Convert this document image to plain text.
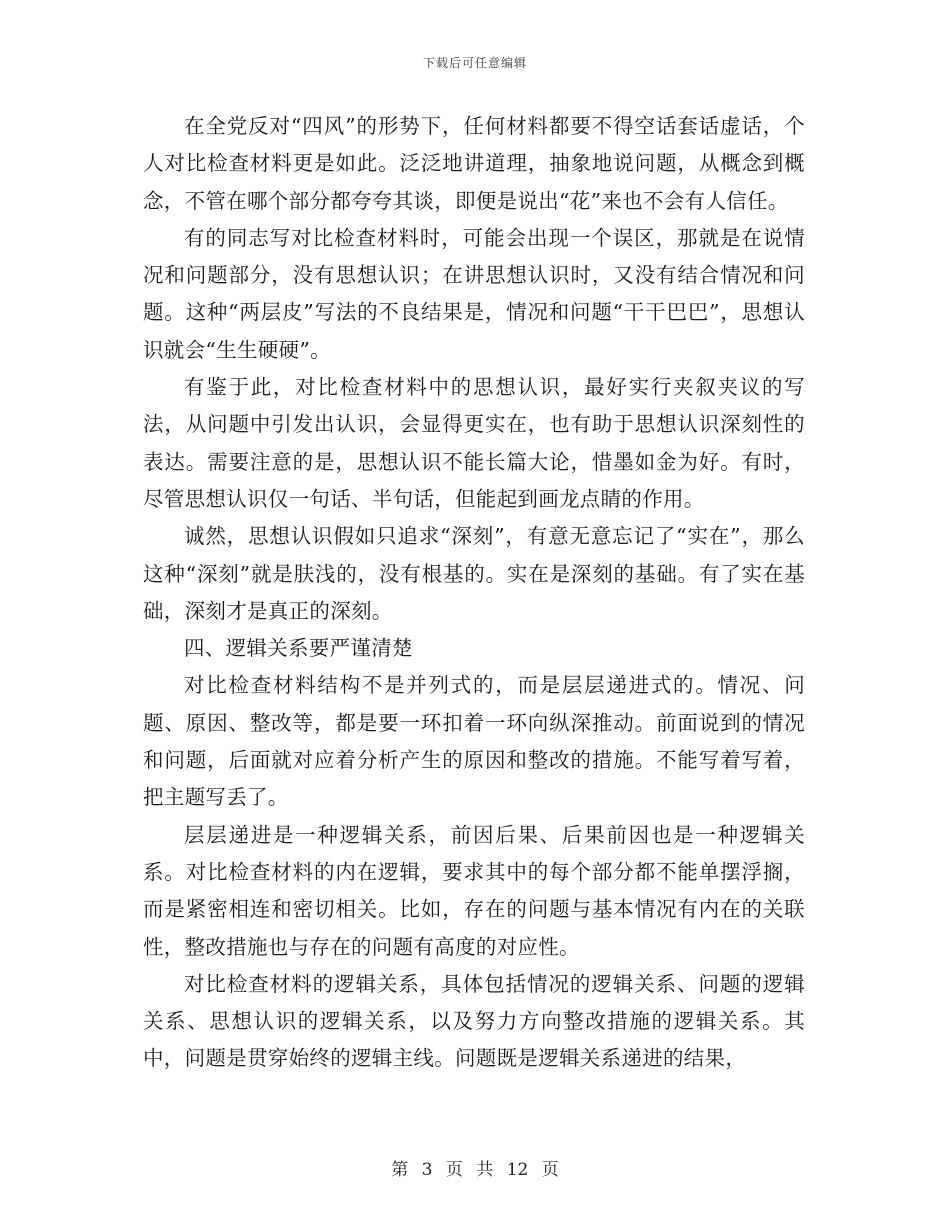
下载后可任意编辑

在全党反对“四风”的形势下，任何材料都要不得空话套话虚话，个人对比检查材料更是如此。泛泛地讲道理，抽象地说问题，从概念到概念，不管在哪个部分都夸夸其谈，即便是说出“花”来也不会有人信任。

有的同志写对比检查材料时，可能会出现一个误区，那就是在说情况和问题部分，没有思想认识；在讲思想认识时，又没有结合情况和问题。这种“两层皮”写法的不良结果是，情况和问题“干干巴巴”，思想认识就会“生生硬硬”。

有鉴于此，对比检查材料中的思想认识，最好实行夹叙夹议的写法，从问题中引发出认识，会显得更实在，也有助于思想认识深刻性的表达。需要注意的是，思想认识不能长篇大论，惜墨如金为好。有时，尽管思想认识仅一句话、半句话，但能起到画龙点睛的作用。

诚然，思想认识假如只追求“深刻”，有意无意忘记了“实在”，那么这种“深刻”就是肤浅的，没有根基的。实在是深刻的基础。有了实在基础，深刻才是真正的深刻。

四、逻辑关系要严谨清楚

对比检查材料结构不是并列式的，而是层层递进式的。情况、问题、原因、整改等，都是要一环扣着一环向纵深推动。前面说到的情况和问题，后面就对应着分析产生的原因和整改的措施。不能写着写着，把主题写丢了。

层层递进是一种逻辑关系，前因后果、后果前因也是一种逻辑关系。对比检查材料的内在逻辑，要求其中的每个部分都不能单摆浮搁，而是紧密相连和密切相关。比如，存在的问题与基本情况有内在的关联性，整改措施也与存在的问题有高度的对应性。

对比检查材料的逻辑关系，具体包括情况的逻辑关系、问题的逻辑关系、思想认识的逻辑关系，以及努力方向整改措施的逻辑关系。其中，问题是贯穿始终的逻辑主线。问题既是逻辑关系递进的结果，

第 3 页 共 12 页
